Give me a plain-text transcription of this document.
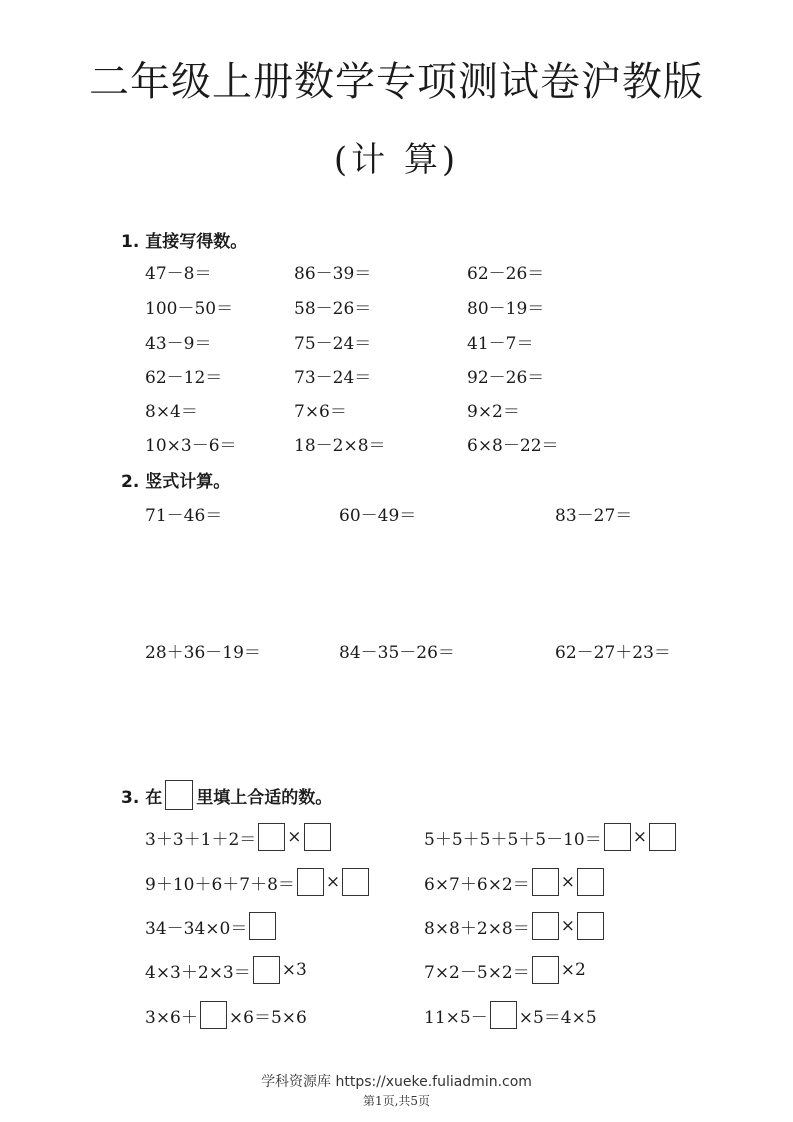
二年级上册数学专项测试卷沪教版
(计 算)
1. 直接写得数。
47－8＝	86－39＝	62－26＝
100－50＝	58－26＝	80－19＝
43－9＝	75－24＝	41－7＝
62－12＝	73－24＝	92－26＝
8×4＝	7×6＝	9×2＝
10×3－6＝	18－2×8＝	6×8－22＝
2. 竖式计算。
71－46＝	60－49＝	83－27＝
28＋36－19＝	84－35－26＝	62－27＋23＝
3. 在 里填上合适的数。
3＋3＋1＋2＝ ×	5＋5＋5＋5＋5－10＝ ×
9＋10＋6＋7＋8＝ ×	6×7＋6×2＝ ×
34－34×0＝	8×8＋2×8＝ ×
4×3＋2×3＝ ×3	7×2－5×2＝ ×2
3×6＋ ×6＝5×6	11×5－ ×5＝4×5
学科资源库 https://xueke.fuliadmin.com
第1页,共5页
